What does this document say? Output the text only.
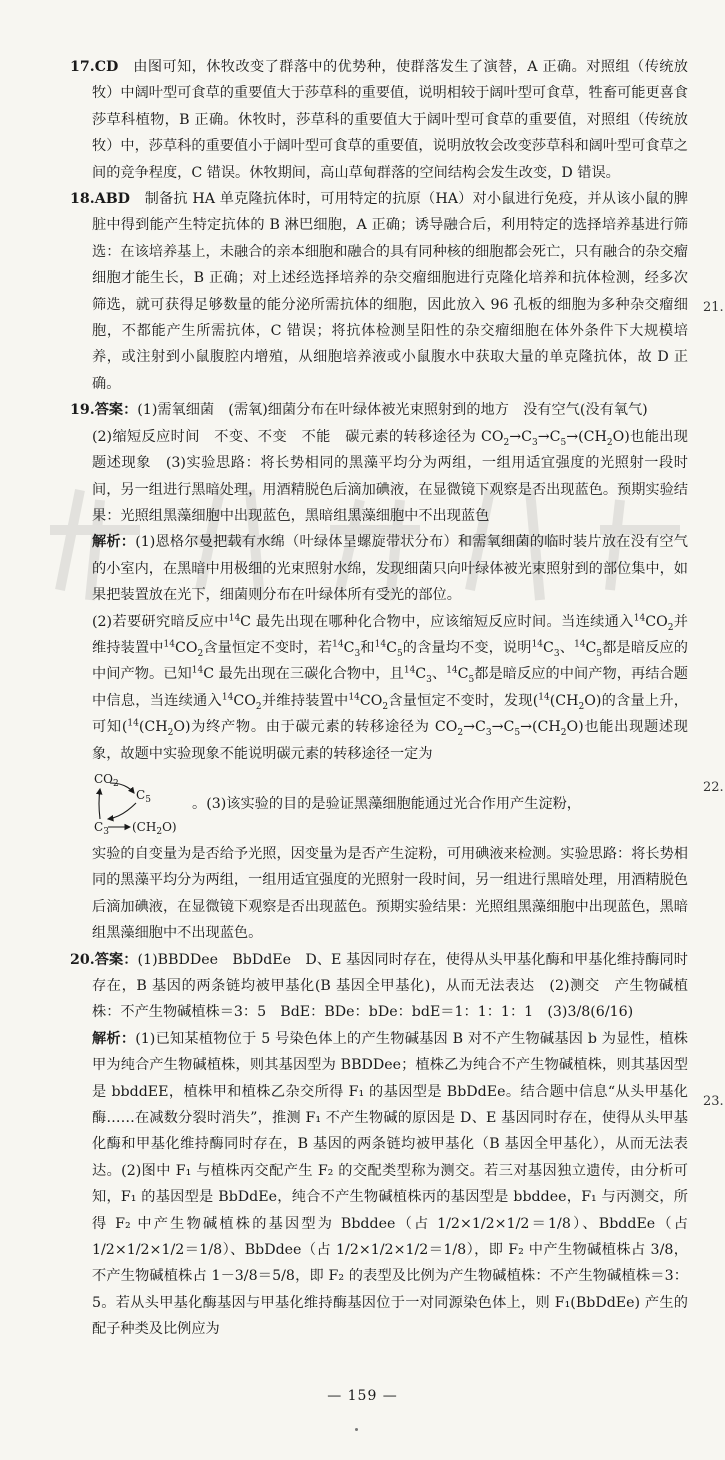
17.CD　 由图可知，休牧改变了群落中的优势种，使群落发生了演替，A 正确。对照组（传统放牧）中阔叶型可食草的重要值大于莎草科的重要值，说明相较于阔叶型可食草，牲畜可能更喜食莎草科植物，B 正确。休牧时，莎草科的重要值大于阔叶型可食草的重要值，对照组（传统放牧）中，莎草科的重要值小于阔叶型可食草的重要值，说明放牧会改变莎草科和阔叶型可食草之间的竞争程度，C 错误。休牧期间，高山草甸群落的空间结构会发生改变，D 错误。

18.ABD　 制备抗 HA 单克隆抗体时，可用特定的抗原（HA）对小鼠进行免疫，并从该小鼠的脾脏中得到能产生特定抗体的 B 淋巴细胞，A 正确；诱导融合后，利用特定的选择培养基进行筛选：在该培养基上，未融合的亲本细胞和融合的具有同种核的细胞都会死亡，只有融合的杂交瘤细胞才能生长，B 正确；对上述经选择培养的杂交瘤细胞进行克隆化培养和抗体检测，经多次筛选，就可获得足够数量的能分泌所需抗体的细胞，因此放入 96 孔板的细胞为多种杂交瘤细胞，不都能产生所需抗体，C 错误；将抗体检测呈阳性的杂交瘤细胞在体外条件下大规模培养，或注射到小鼠腹腔内增殖，从细胞培养液或小鼠腹水中获取大量的单克隆抗体，故 D 正确。

19.答案：(1)需氧细菌　(需氧)细菌分布在叶绿体被光束照射到的地方　没有空气(没有氧气)

(2)缩短反应时间　不变、不变　不能　碳元素的转移途径为 $CO_2\to C_3\to C_5\to(CH_2O)$也能出现题述现象　(3)实验思路：将长势相同的黑藻平均分为两组，一组用适宜强度的光照射一段时间，另一组进行黑暗处理，用酒精脱色后滴加碘液，在显微镜下观察是否出现蓝色。预期实验结果：光照组黑藻细胞中出现蓝色，黑暗组黑藻细胞中不出现蓝色

解析：(1)恩格尔曼把载有水绵（叶绿体呈螺旋带状分布）和需氧细菌的临时装片放在没有空气的小室内，在黑暗中用极细的光束照射水绵，发现细菌只向叶绿体被光束照射到的部位集中，如果把装置放在光下，细菌则分布在叶绿体所有受光的部位。

(2)若要研究暗反应中$^{14}$C 最先出现在哪种化合物中，应该缩短反应时间。当连续通入$^{14}CO_2$并维持装置中$^{14}CO_2$含量恒定不变时，若$^{14}C_3$和$^{14}C_5$的含量均不变，说明$^{14}C_3$、$^{14}C_5$都是暗反应的中间产物。已知$^{14}$C 最先出现在三碳化合物中，且$^{14}C_3$、$^{14}C_5$都是暗反应的中间产物，再结合题中信息，当连续通入$^{14}CO_2$并维持装置中$^{14}CO_2$含量恒定不变时，发现($^{14}(CH_2O)$的含量上升，可知($^{14}(CH_2O)$为终产物。由于碳元素的转移途径为 $CO_2\to C_3\to C_5\to(CH_2O)$也能出现题述现象，故题中实验现象不能说明碳元素的转移途径一定为

$CO_2$
$C_5$
$C_3$ $(CH_2O)$
。(3)该实验的目的是验证黑藻细胞能通过光合作用产生淀粉，

实验的自变量为是否给予光照，因变量为是否产生淀粉，可用碘液来检测。实验思路：将长势相同的黑藻平均分为两组，一组用适宜强度的光照射一段时间，另一组进行黑暗处理，用酒精脱色后滴加碘液，在显微镜下观察是否出现蓝色。预期实验结果：光照组黑藻细胞中出现蓝色，黑暗组黑藻细胞中不出现蓝色。

20.答案：(1)BBDDee　BbDdEe　D、E 基因同时存在，使得从头甲基化酶和甲基化维持酶同时存在，B 基因的两条链均被甲基化(B 基因全甲基化)，从而无法表达　(2)测交　产生物碱植株：不产生物碱植株＝3：5　BdE：BDe：bDe：bdE＝1：1：1：1　(3)3/8(6/16)

解析：(1)已知某植物位于 5 号染色体上的产生物碱基因 B 对不产生物碱基因 b 为显性，植株甲为纯合产生物碱植株，则其基因型为 BBDDee；植株乙为纯合不产生物碱植株，则其基因型是 bbddEE，植株甲和植株乙杂交所得 F₁ 的基因型是 BbDdEe。结合题中信息“从头甲基化酶……在减数分裂时消失”，推测 F₁ 不产生物碱的原因是 D、E 基因同时存在，使得从头甲基化酶和甲基化维持酶同时存在，B 基因的两条链均被甲基化（B 基因全甲基化），从而无法表达。(2)图中 F₁ 与植株丙交配产生 F₂ 的交配类型称为测交。若三对基因独立遗传，由分析可知，F₁ 的基因型是 BbDdEe，纯合不产生物碱植株丙的基因型是 bbddee，F₁ 与丙测交，所得 F₂ 中产生物碱植株的基因型为 Bbddee（占 1/2×1/2×1/2＝1/8）、BbddEe（占 1/2×1/2×1/2＝1/8）、BbDdee（占 1/2×1/2×1/2＝1/8），即 F₂ 中产生物碱植株占 3/8，不产生物碱植株占 1－3/8＝5/8，即 F₂ 的表型及比例为产生物碱植株：不产生物碱植株＝3：5。若从头甲基化酶基因与甲基化维持酶基因位于一对同源染色体上，则 F₁(BbDdEe) 产生的配子种类及比例应为

— 159 —
21.
22.
23.
